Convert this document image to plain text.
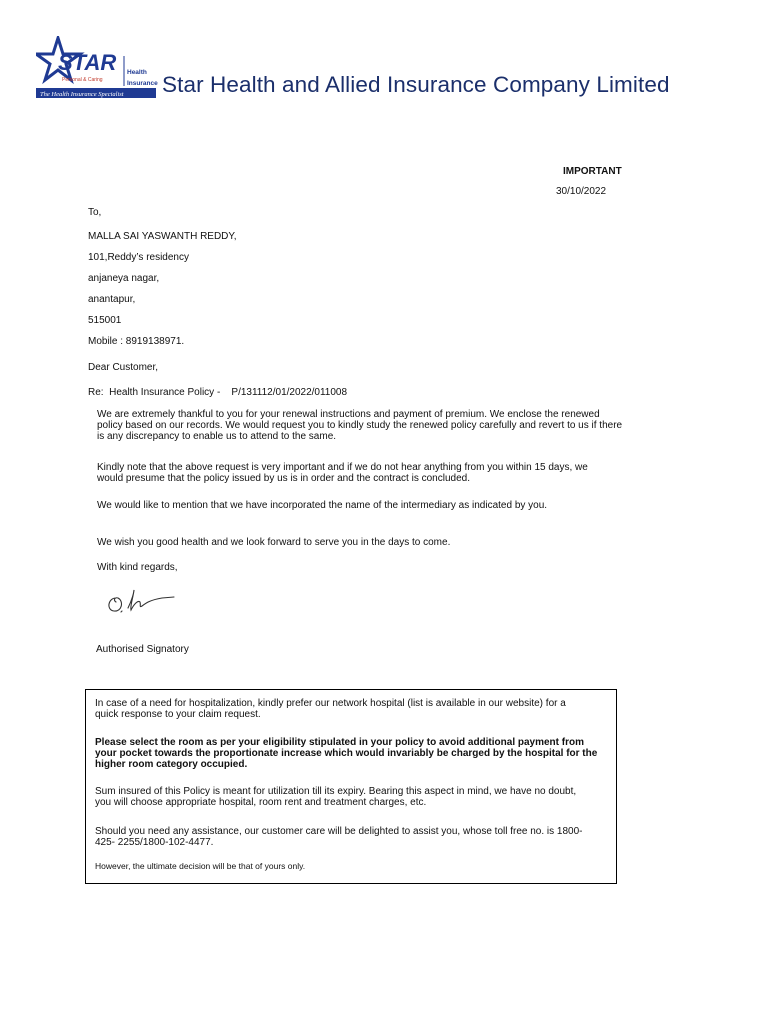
STAR Health
Insurance
Personal & Caring
The Health Insurance Specialist Star Health and Allied Insurance Company Limited
IMPORTANT
30/10/2022
To,
MALLA SAI YASWANTH REDDY,
101,Reddy’s residency
anjaneya nagar,
anantapur,
515001
Mobile : 8919138971.
Dear Customer,
Re:  Health Insurance Policy -    P/131112/01/2022/011008
We are extremely thankful to you for your renewal instructions and payment of premium. We enclose the renewed policy based on our records. We would request you to kindly study the renewed policy carefully and revert to us if there is any discrepancy to enable us to attend to the same.
Kindly note that the above request is very important and if we do not hear anything from you within 15 days, we would presume that the policy issued by us is in order and the contract is concluded.
We would like to mention that we have incorporated the name of the intermediary as indicated by you.
We wish you good health and we look forward to serve you in the days to come.
With kind regards,
Authorised Signatory
In case of a need for hospitalization, kindly prefer our network hospital (list is available in our website) for a quick response to your claim request.
Please select the room as per your eligibility stipulated in your policy to avoid additional payment from your pocket towards the proportionate increase which would invariably be charged by the hospital for the higher room category occupied.
Sum insured of this Policy is meant for utilization till its expiry. Bearing this aspect in mind, we have no doubt, you will choose appropriate hospital, room rent and treatment charges, etc.
Should you need any assistance, our customer care will be delighted to assist you, whose toll free no. is 1800-425- 2255/1800-102-4477.
However, the ultimate decision will be that of yours only.
